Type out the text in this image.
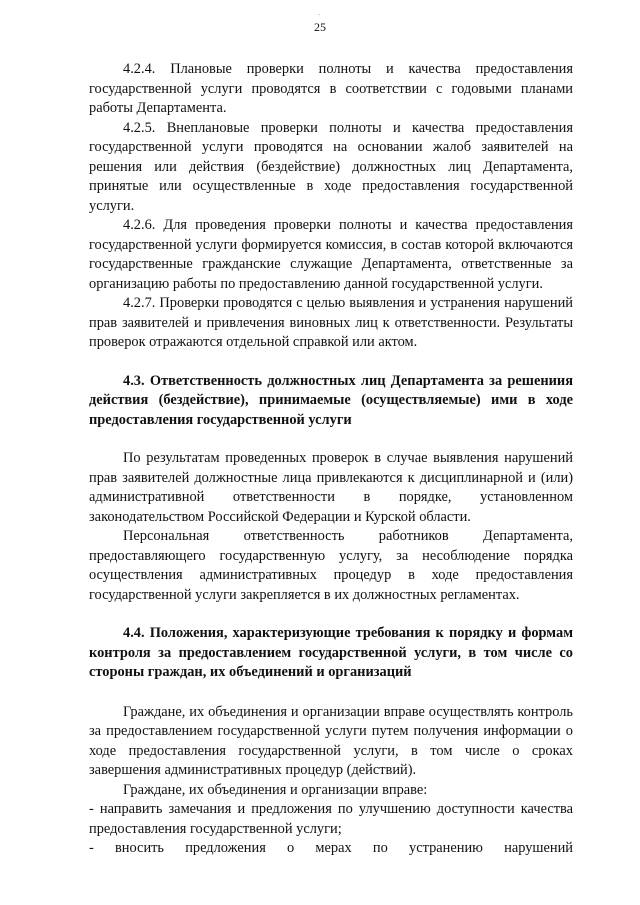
.
25

4.2.4. Плановые проверки полноты и качества предоставления государственной услуги проводятся в соответствии с годовыми планами работы Департамента.

4.2.5. Внеплановые проверки полноты и качества предоставления государственной услуги проводятся на основании жалоб заявителей на решения или действия (бездействие) должностных лиц Департамента, принятые или осуществленные в ходе предоставления государственной услуги.

4.2.6. Для проведения проверки полноты и качества предоставления государственной услуги формируется комиссия, в состав которой включаются государственные гражданские служащие Департамента, ответственные за организацию работы по предоставлению данной государственной услуги.

4.2.7. Проверки проводятся с целью выявления и устранения нарушений прав заявителей и привлечения виновных лиц к ответственности. Результаты проверок отражаются отдельной справкой или актом.

4.3. Ответственность должностных лиц Департамента за решениия действия (бездействие), принимаемые (осуществляемые) ими в ходе предоставления государственной услуги

По результатам проведенных проверок в случае выявления нарушений прав заявителей должностные лица привлекаются к дисциплинарной и (или) административной ответственности в порядке, установленном законодательством Российской Федерации и Курской области.

Персональная ответственность работников Департамента, предоставляющего государственную услугу, за несоблюдение порядка осуществления административных процедур в ходе предоставления государственной услуги закрепляется в их должностных регламентах.

4.4. Положения, характеризующие требования к порядку и формам контроля за предоставлением государственной услуги, в том числе со стороны граждан, их объединений и организаций

Граждане, их объединения и организации вправе осуществлять контроль за предоставлением государственной услуги путем получения информации о ходе предоставления государственной услуги, в том числе о сроках завершения административных процедур (действий).

Граждане, их объединения и организации вправе:

- направить замечания и предложения по улучшению доступности качества предоставления государственной услуги;

- вносить предложения о мерах по устранению нарушений
